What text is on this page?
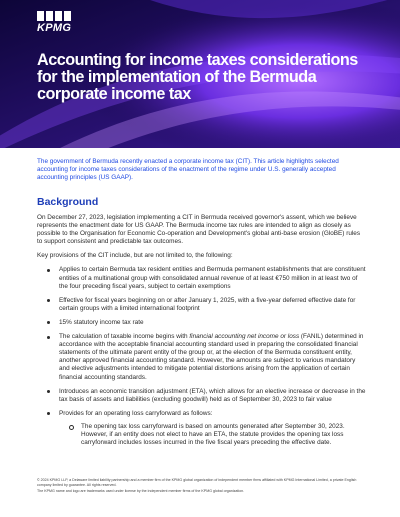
KPMG
Accounting for income taxes considerations
for the implementation of the Bermuda
corporate income tax
The government of Bermuda recently enacted a corporate income tax (CIT). This article highlights selected accounting for income taxes considerations of the enactment of the regime under U.S. generally accepted accounting principles (US GAAP).
Background

On December 27, 2023, legislation implementing a CIT in Bermuda received governor's assent, which we believe represents the enactment date for US GAAP. The Bermuda income tax rules are intended to align as closely as possible to the Organisation for Economic Co-operation and Development's global anti-base erosion (GloBE) rules to support consistent and predictable tax outcomes.

Key provisions of the CIT include, but are not limited to, the following:

Applies to certain Bermuda tax resident entities and Bermuda permanent establishments that are constituent entities of a multinational group with consolidated annual revenue of at least €750 million in at least two of the four preceding fiscal years, subject to certain exemptions
Effective for fiscal years beginning on or after January 1, 2025, with a five-year deferred effective date for certain groups with a limited international footprint
15% statutory income tax rate
The calculation of taxable income begins with financial accounting net income or loss (FANIL) determined in accordance with the acceptable financial accounting standard used in preparing the consolidated financial statements of the ultimate parent entity of the group or, at the election of the Bermuda constituent entity, another approved financial accounting standard. However, the amounts are subject to various mandatory and elective adjustments intended to mitigate potential distortions arising from the application of certain financial accounting standards.
Introduces an economic transition adjustment (ETA), which allows for an elective increase or decrease in the tax basis of assets and liabilities (excluding goodwill) held as of September 30, 2023 to fair value
Provides for an operating loss carryforward as follows:
The opening tax loss carryforward is based on amounts generated after September 30, 2023. However, if an entity does not elect to have an ETA, the statute provides the opening tax loss carryforward includes losses incurred in the five fiscal years preceding the effective date.

© 2024 KPMG LLP, a Delaware limited liability partnership and a member firm of the KPMG global organization of independent member firms affiliated with KPMG International Limited, a private English company limited by guarantee. All rights reserved.

The KPMG name and logo are trademarks used under license by the independent member firms of the KPMG global organization.
